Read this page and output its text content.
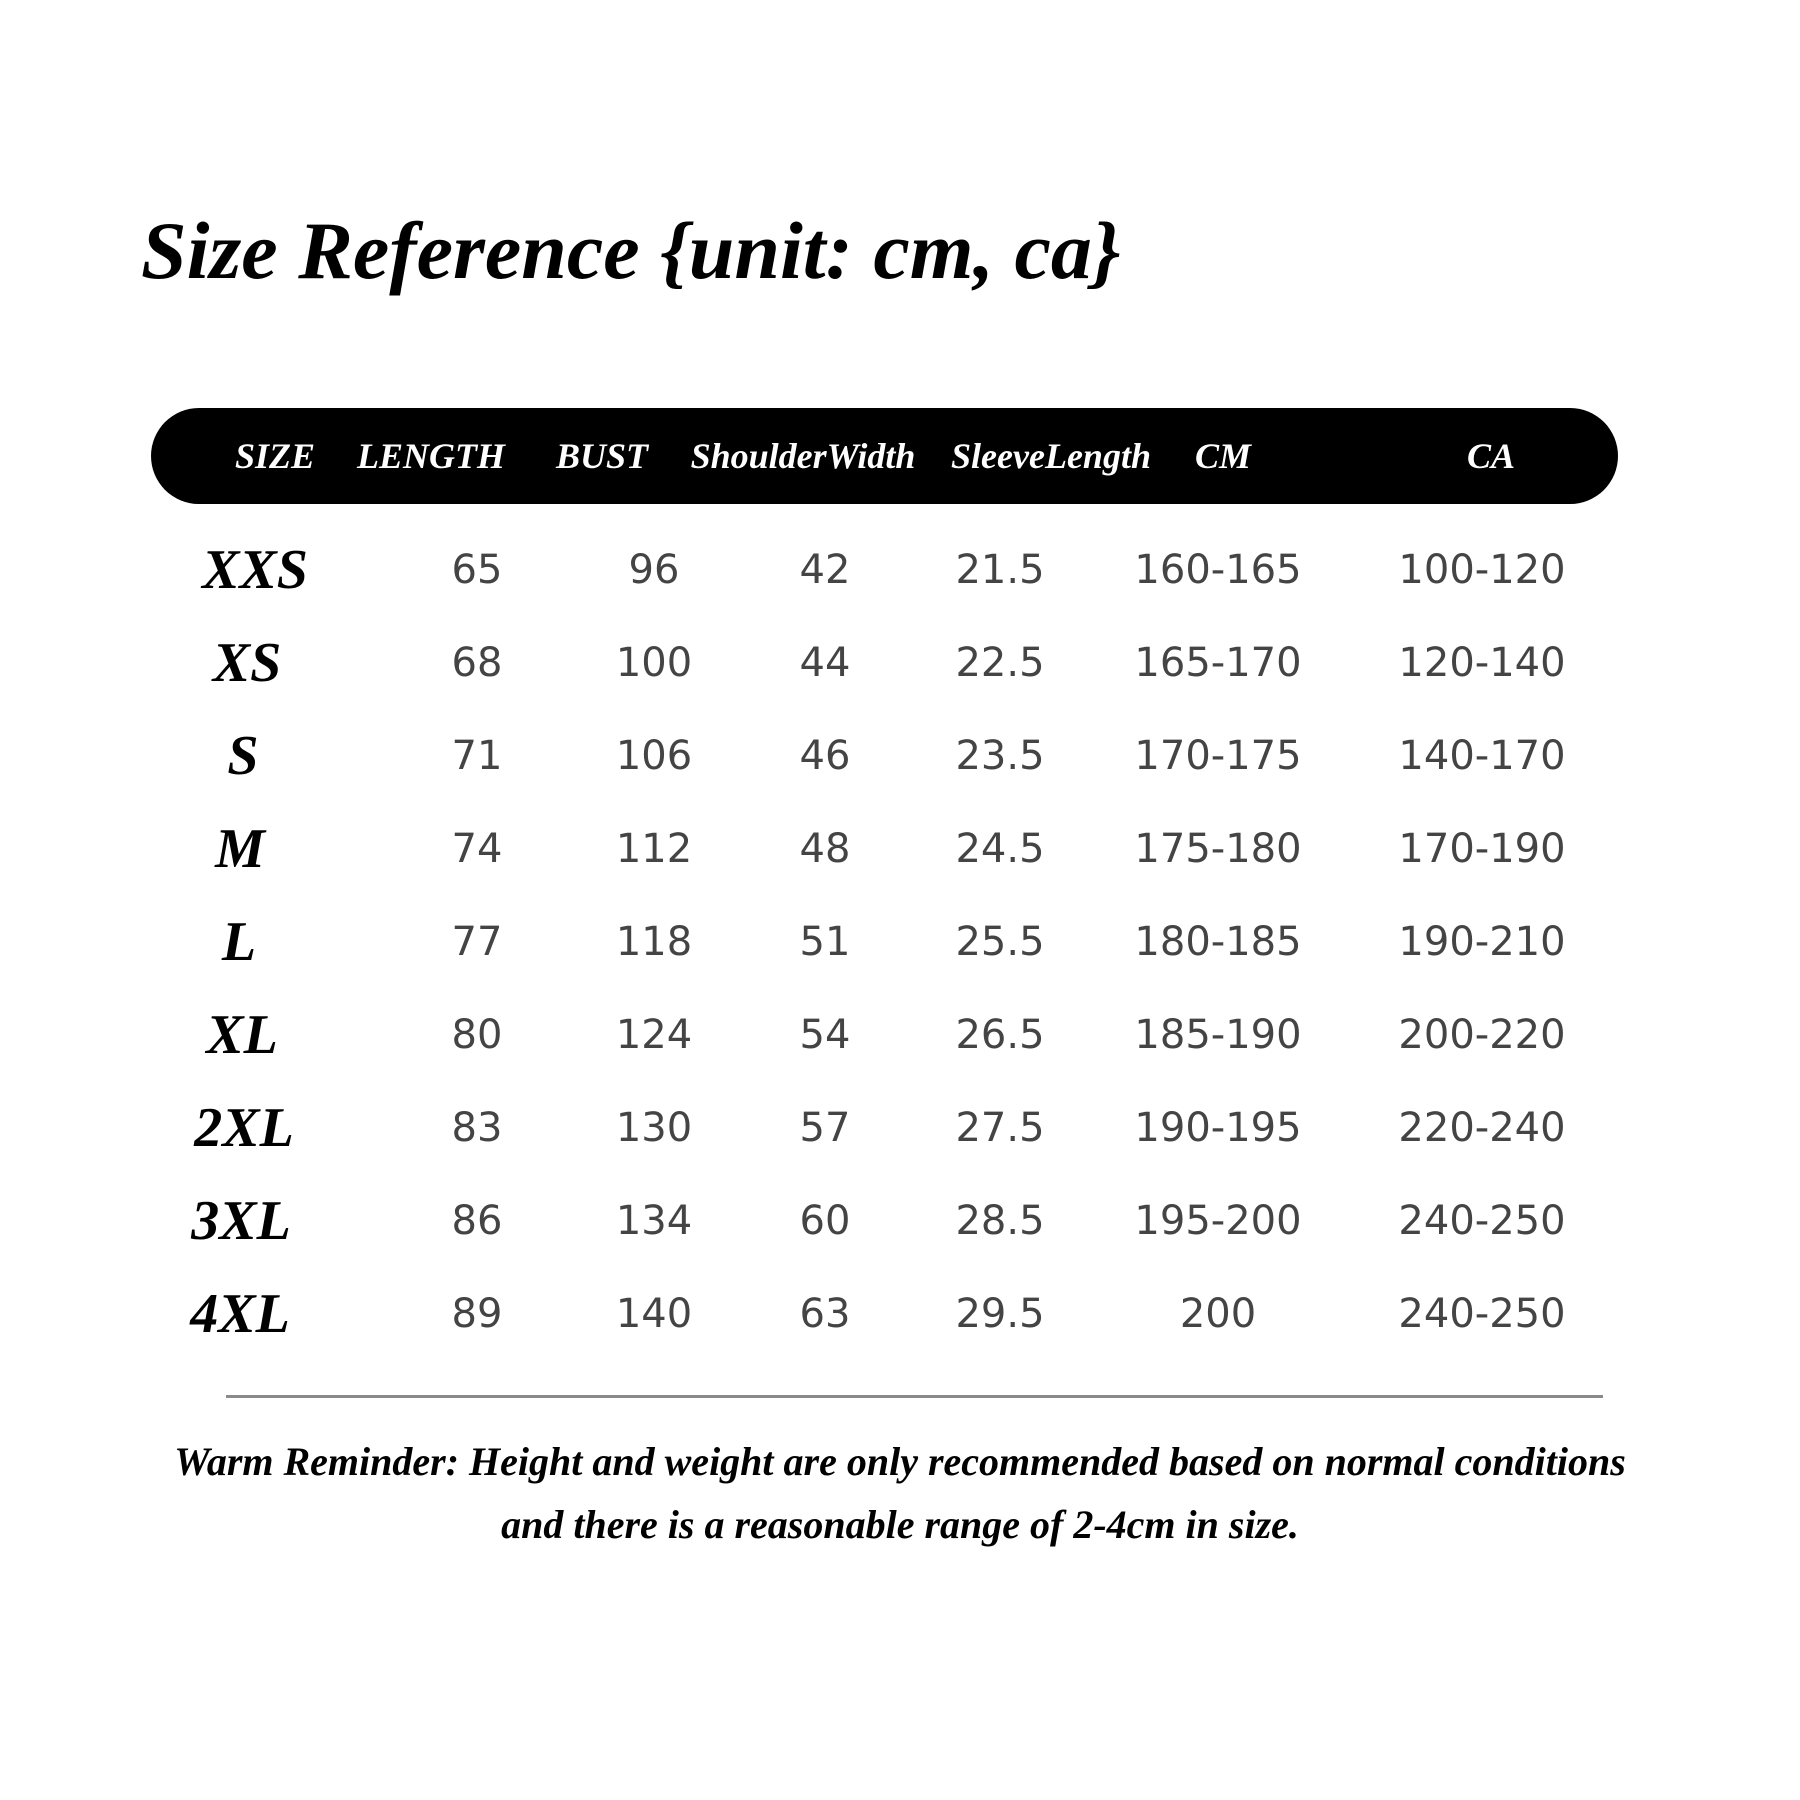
Size Reference {unit: cm, ca}
SIZE LENGTH BUST ShoulderWidth SleeveLength CM	CA
XXS	65	96	42	21.5 160-165 100-120
XS	68	100	44	22.5 165-170 120-140
S	71	106	46	23.5 170-175 140-170
M	74	112	48	24.5 175-180 170-190
L	77	118	51	25.5 180-185 190-210
XL	80	124	54	26.5 185-190 200-220
2XL	83	130	57	27.5 190-195 220-240
3XL	86	134	60	28.5 195-200 240-250
4XL	89	140	63	29.5	200	240-250

Warm Reminder: Height and weight are only recommended based on normal conditions

and there is a reasonable range of 2-4cm in size.
